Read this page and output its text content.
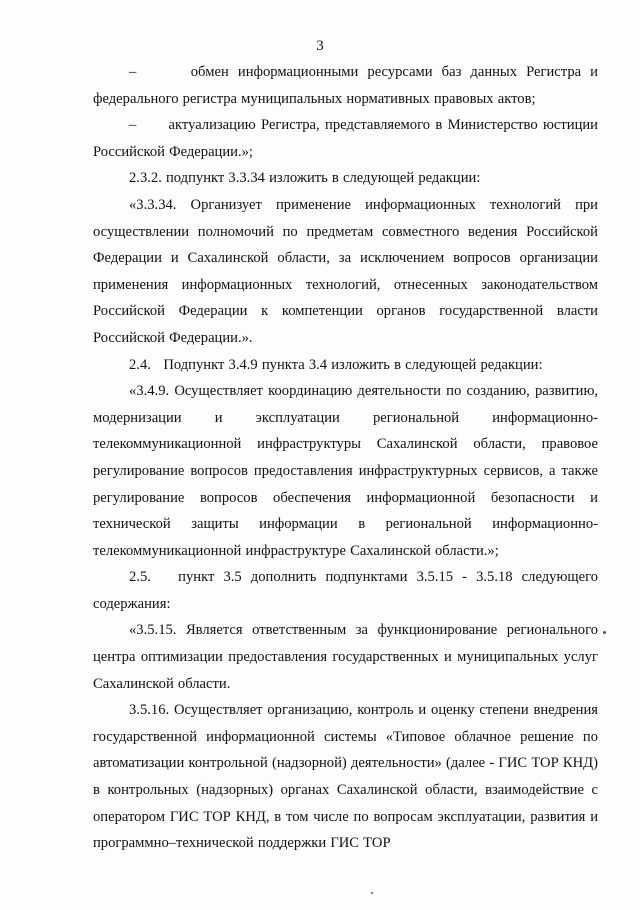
3

–      обмен информационными ресурсами баз данных Регистра и федерального регистра муниципальных нормативных правовых актов;

–      актуализацию Регистра, представляемого в Министерство юстиции Российской Федерации.»;

2.3.2. подпункт 3.3.34 изложить в следующей редакции:

«3.3.34. Организует применение информационных технологий при осуществлении полномочий по предметам совместного ведения Российской Федерации и Сахалинской области, за исключением вопросов организации применения информационных технологий, отнесенных законодательством Российской Федерации к компетенции органов государственной власти Российской Федерации.».

2.4.   Подпункт 3.4.9 пункта 3.4 изложить в следующей редакции:

«3.4.9. Осуществляет координацию деятельности по созданию, развитию, модернизации и эксплуатации региональной информационно-телекоммуникационной инфраструктуры Сахалинской области, правовое регулирование вопросов предоставления инфраструктурных сервисов, а также регулирование вопросов обеспечения информационной безопасности и технической защиты информации в региональной информационно-телекоммуникационной инфраструктуре Сахалинской области.»;

2.5.   пункт 3.5 дополнить подпунктами 3.5.15 - 3.5.18 следующего содержания:

«3.5.15. Является ответственным за функционирование регионального центра оптимизации предоставления государственных и муниципальных услуг Сахалинской области.

3.5.16. Осуществляет организацию, контроль и оценку степени внедрения государственной информационной системы «Типовое облачное решение по автоматизации контрольной (надзорной) деятельности» (далее - ГИС ТОР КНД) в контрольных (надзорных) органах Сахалинской области, взаимодействие с оператором ГИС ТОР КНД, в том числе по вопросам эксплуатации, развития и программно–технической поддержки ГИС ТОР
